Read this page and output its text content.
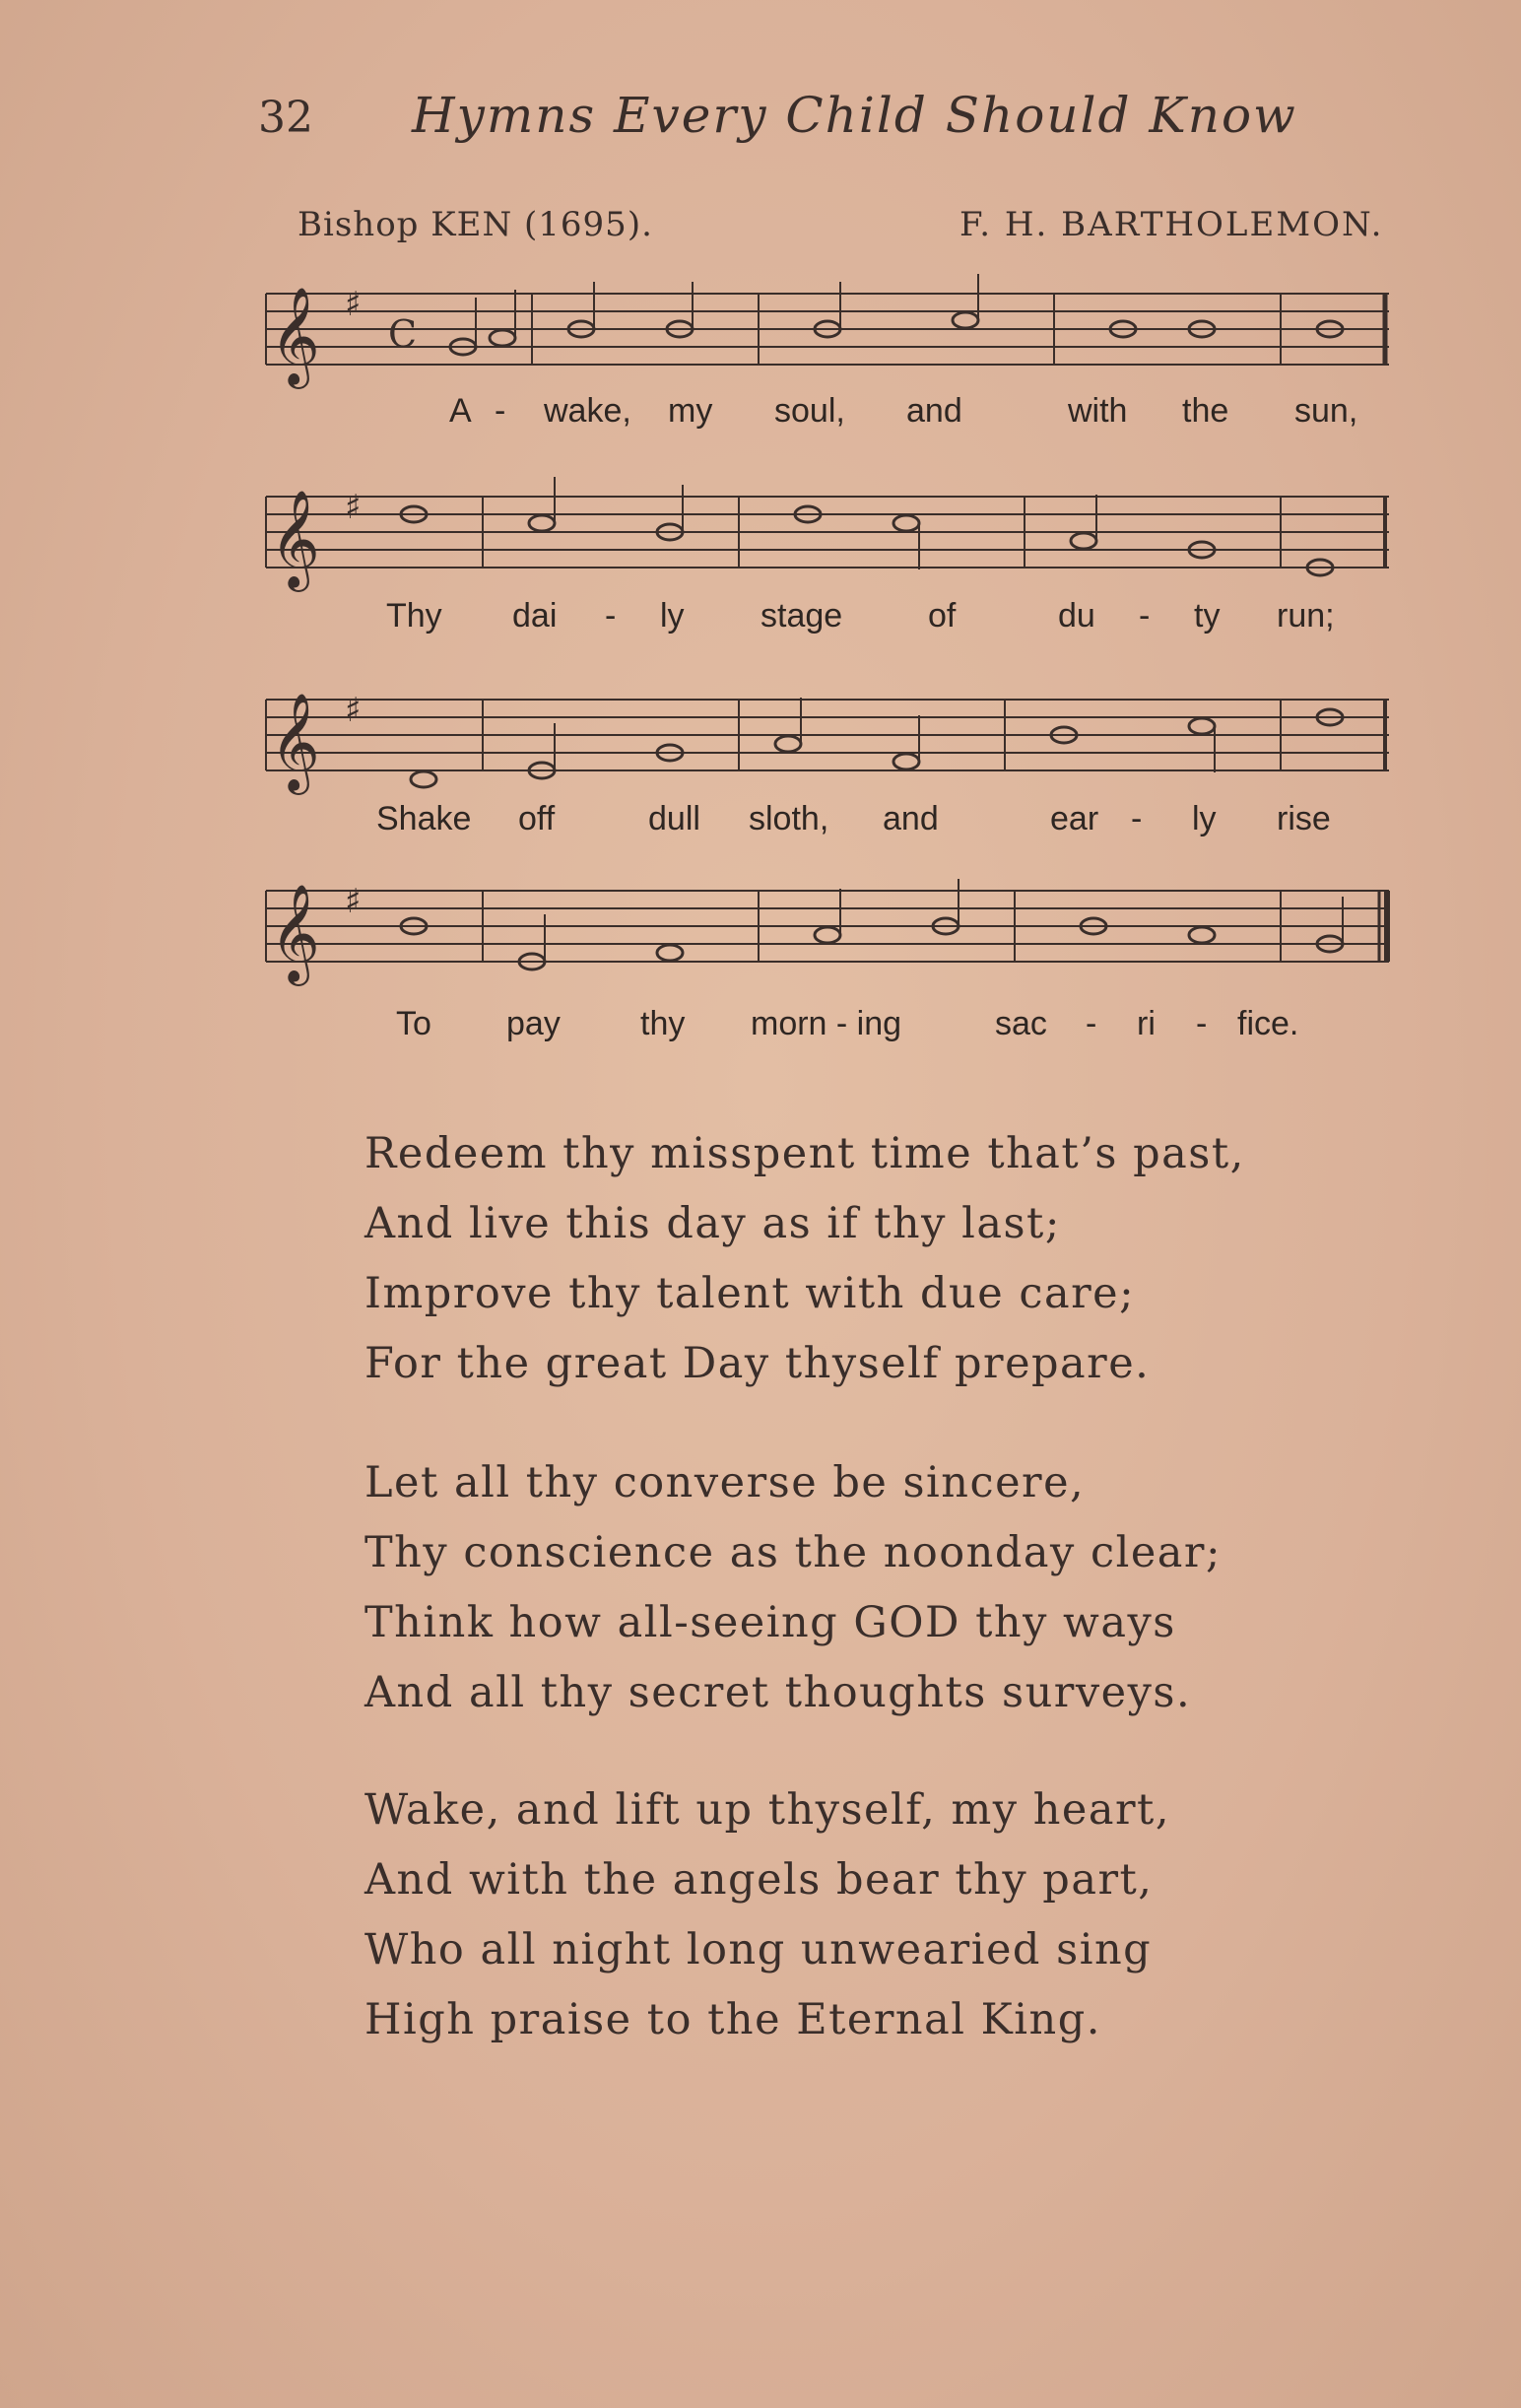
32 Hymns Every Child Should Know
Bishop KEN (1695).	F. H. BARTHOLEMON.
𝄞 ♯
C
A - wake, my soul, and	with the sun,
𝄞 ♯
Thy dai - ly stage	of	du - ty run;
𝄞 ♯
Shake off	dull sloth, and	ear - ly rise
𝄞 ♯
To pay thy morn - ing	sac - ri - fice.
Redeem thy misspent time that’s past,
And live this day as if thy last;
Improve thy talent with due care;
For the great Day thyself prepare.
Let all thy converse be sincere,
Thy conscience as the noonday clear;
Think how all-seeing GOD thy ways
And all thy secret thoughts surveys.
Wake, and lift up thyself, my heart,
And with the angels bear thy part,
Who all night long unwearied sing
High praise to the Eternal King.
